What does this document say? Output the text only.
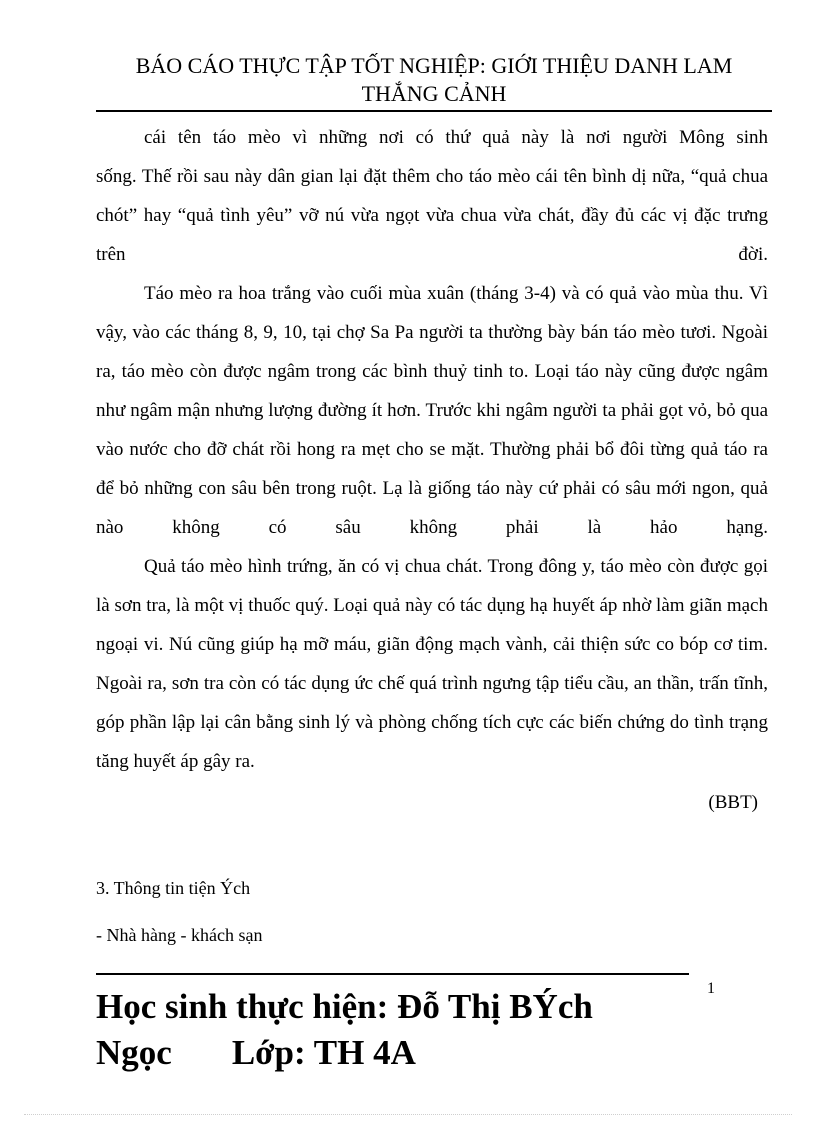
BÁO CÁO THỰC TẬP TỐT NGHIỆP: GIỚI THIỆU DANH LAM THẮNG CẢNH

cái tên táo mèo vì những nơi có thứ quả này là nơi người Mông sinh

sống. Thế rồi sau này dân gian lại đặt thêm cho táo mèo cái tên bình dị nữa, “quả chua chót” hay “quả tình yêu” vỡ nú vừa ngọt vừa chua vừa chát, đầy đủ các vị đặc trưng trên đời.

Táo mèo ra hoa trắng vào cuối mùa xuân (tháng 3-4) và có quả vào mùa thu. Vì vậy, vào các tháng 8, 9, 10, tại chợ Sa Pa người ta thường bày bán táo mèo tươi. Ngoài ra, táo mèo còn được ngâm trong các bình thuỷ tinh to. Loại táo này cũng được ngâm như ngâm mận nhưng lượng đường ít hơn. Trước khi ngâm người ta phải gọt vỏ, bỏ qua vào nước cho đỡ chát rồi hong ra mẹt cho se mặt. Thường phải bổ đôi từng quả táo ra để bỏ những con sâu bên trong ruột. Lạ là giống táo này cứ phải có sâu mới ngon, quả nào không có sâu không phải là hảo hạng.

Quả táo mèo hình trứng, ăn có vị chua chát. Trong đông y, táo mèo còn được gọi là sơn tra, là một vị thuốc quý. Loại quả này có tác dụng hạ huyết áp nhờ làm giãn mạch ngoại vi. Nú cũng giúp hạ mỡ máu, giãn động mạch vành, cải thiện sức co bóp cơ tim. Ngoài ra, sơn tra còn có tác dụng ức chế quá trình ngưng tập tiểu cầu, an thần, trấn tĩnh, góp phần lập lại cân bằng sinh lý và phòng chống tích cực các biến chứng do tình trạng tăng huyết áp gây ra.

(BBT)

3. Thông tin tiện Ých
- Nhà hàng - khách sạn
1
Học sinh thực hiện: Đỗ Thị BÝch
Ngọc Lớp: TH 4A
